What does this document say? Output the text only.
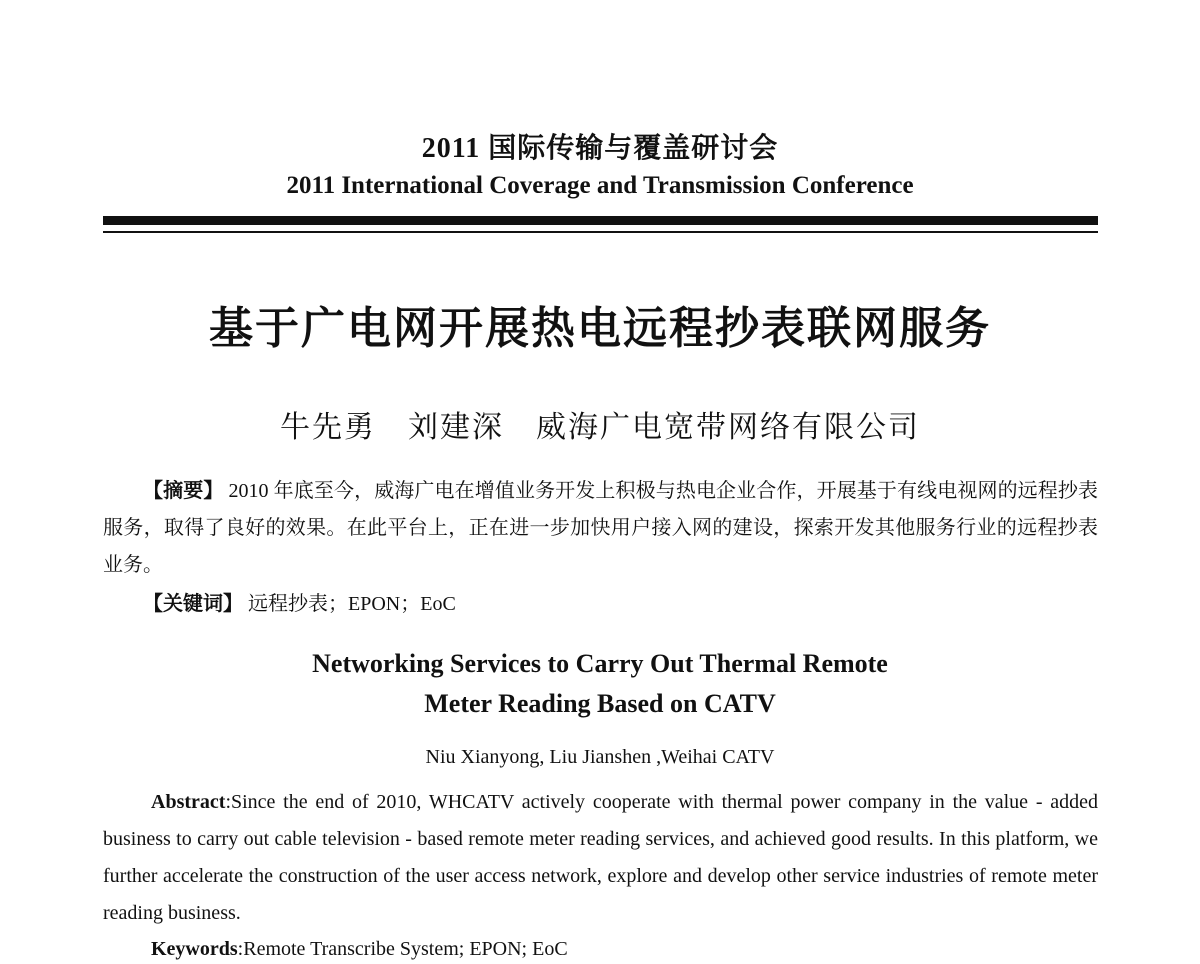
2011 国际传输与覆盖研讨会
2011 International Coverage and Transmission Conference
基于广电网开展热电远程抄表联网服务
牛先勇 刘建深 威海广电宽带网络有限公司
【摘要】 2010 年底至今，威海广电在增值业务开发上积极与热电企业合作，开展基于有线电视网的远程抄表服务，取得了良好的效果。在此平台上，正在进一步加快用户接入网的建设，探索开发其他服务行业的远程抄表业务。
【关键词】 远程抄表；EPON；EoC
Networking Services to Carry Out Thermal Remote
Meter Reading Based on CATV
Niu Xianyong, Liu Jianshen ,Weihai CATV
Abstract:Since the end of 2010, WHCATV actively cooperate with thermal power company in the value - added business to carry out cable television - based remote meter reading services, and achieved good results. In this platform, we further accelerate the construction of the user access network, explore and develop other service industries of remote meter reading business.
Keywords:Remote Transcribe System; EPON; EoC
